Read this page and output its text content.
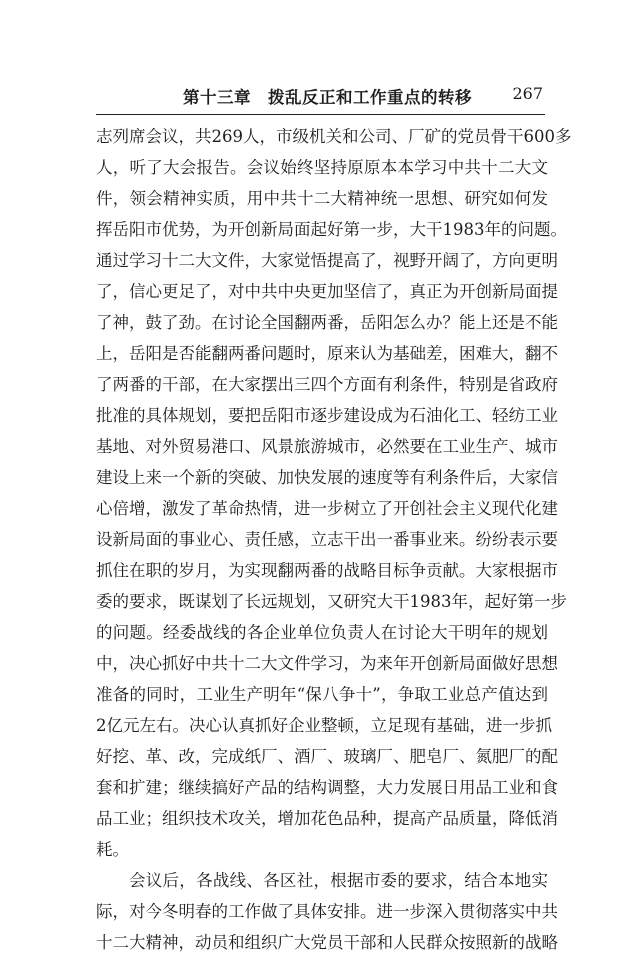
第十三章　拨乱反正和工作重点的转移	267
志列席会议，共269人，市级机关和公司、厂矿的党员骨干600多
人，听了大会报告。会议始终坚持原原本本学习中共十二大文
件，领会精神实质，用中共十二大精神统一思想、研究如何发
挥岳阳市优势，为开创新局面起好第一步，大干1983年的问题。
通过学习十二大文件，大家觉悟提高了，视野开阔了，方向更明
了，信心更足了，对中共中央更加坚信了，真正为开创新局面提
了神，鼓了劲。在讨论全国翻两番，岳阳怎么办？能上还是不能
上，岳阳是否能翻两番问题时，原来认为基础差，困难大，翻不
了两番的干部，在大家摆出三四个方面有利条件，特别是省政府
批准的具体规划，要把岳阳市逐步建设成为石油化工、轻纺工业
基地、对外贸易港口、风景旅游城市，必然要在工业生产、城市
建设上来一个新的突破、加快发展的速度等有利条件后，大家信
心倍增，激发了革命热情，进一步树立了开创社会主义现代化建
设新局面的事业心、责任感，立志干出一番事业来。纷纷表示要
抓住在职的岁月，为实现翻两番的战略目标争贡献。大家根据市
委的要求，既谋划了长远规划，又研究大干1983年，起好第一步
的问题。经委战线的各企业单位负责人在讨论大干明年的规划
中，决心抓好中共十二大文件学习，为来年开创新局面做好思想
准备的同时，工业生产明年“保八争十”，争取工业总产值达到
2亿元左右。决心认真抓好企业整顿，立足现有基础，进一步抓
好挖、革、改，完成纸厂、酒厂、玻璃厂、肥皂厂、氮肥厂的配
套和扩建；继续搞好产品的结构调整，大力发展日用品工业和食
品工业；组织技术攻关，增加花色品种，提高产品质量，降低消
耗。
会议后，各战线、各区社，根据市委的要求，结合本地实
际，对今冬明春的工作做了具体安排。进一步深入贯彻落实中共
十二大精神，动员和组织广大党员干部和人民群众按照新的战略
